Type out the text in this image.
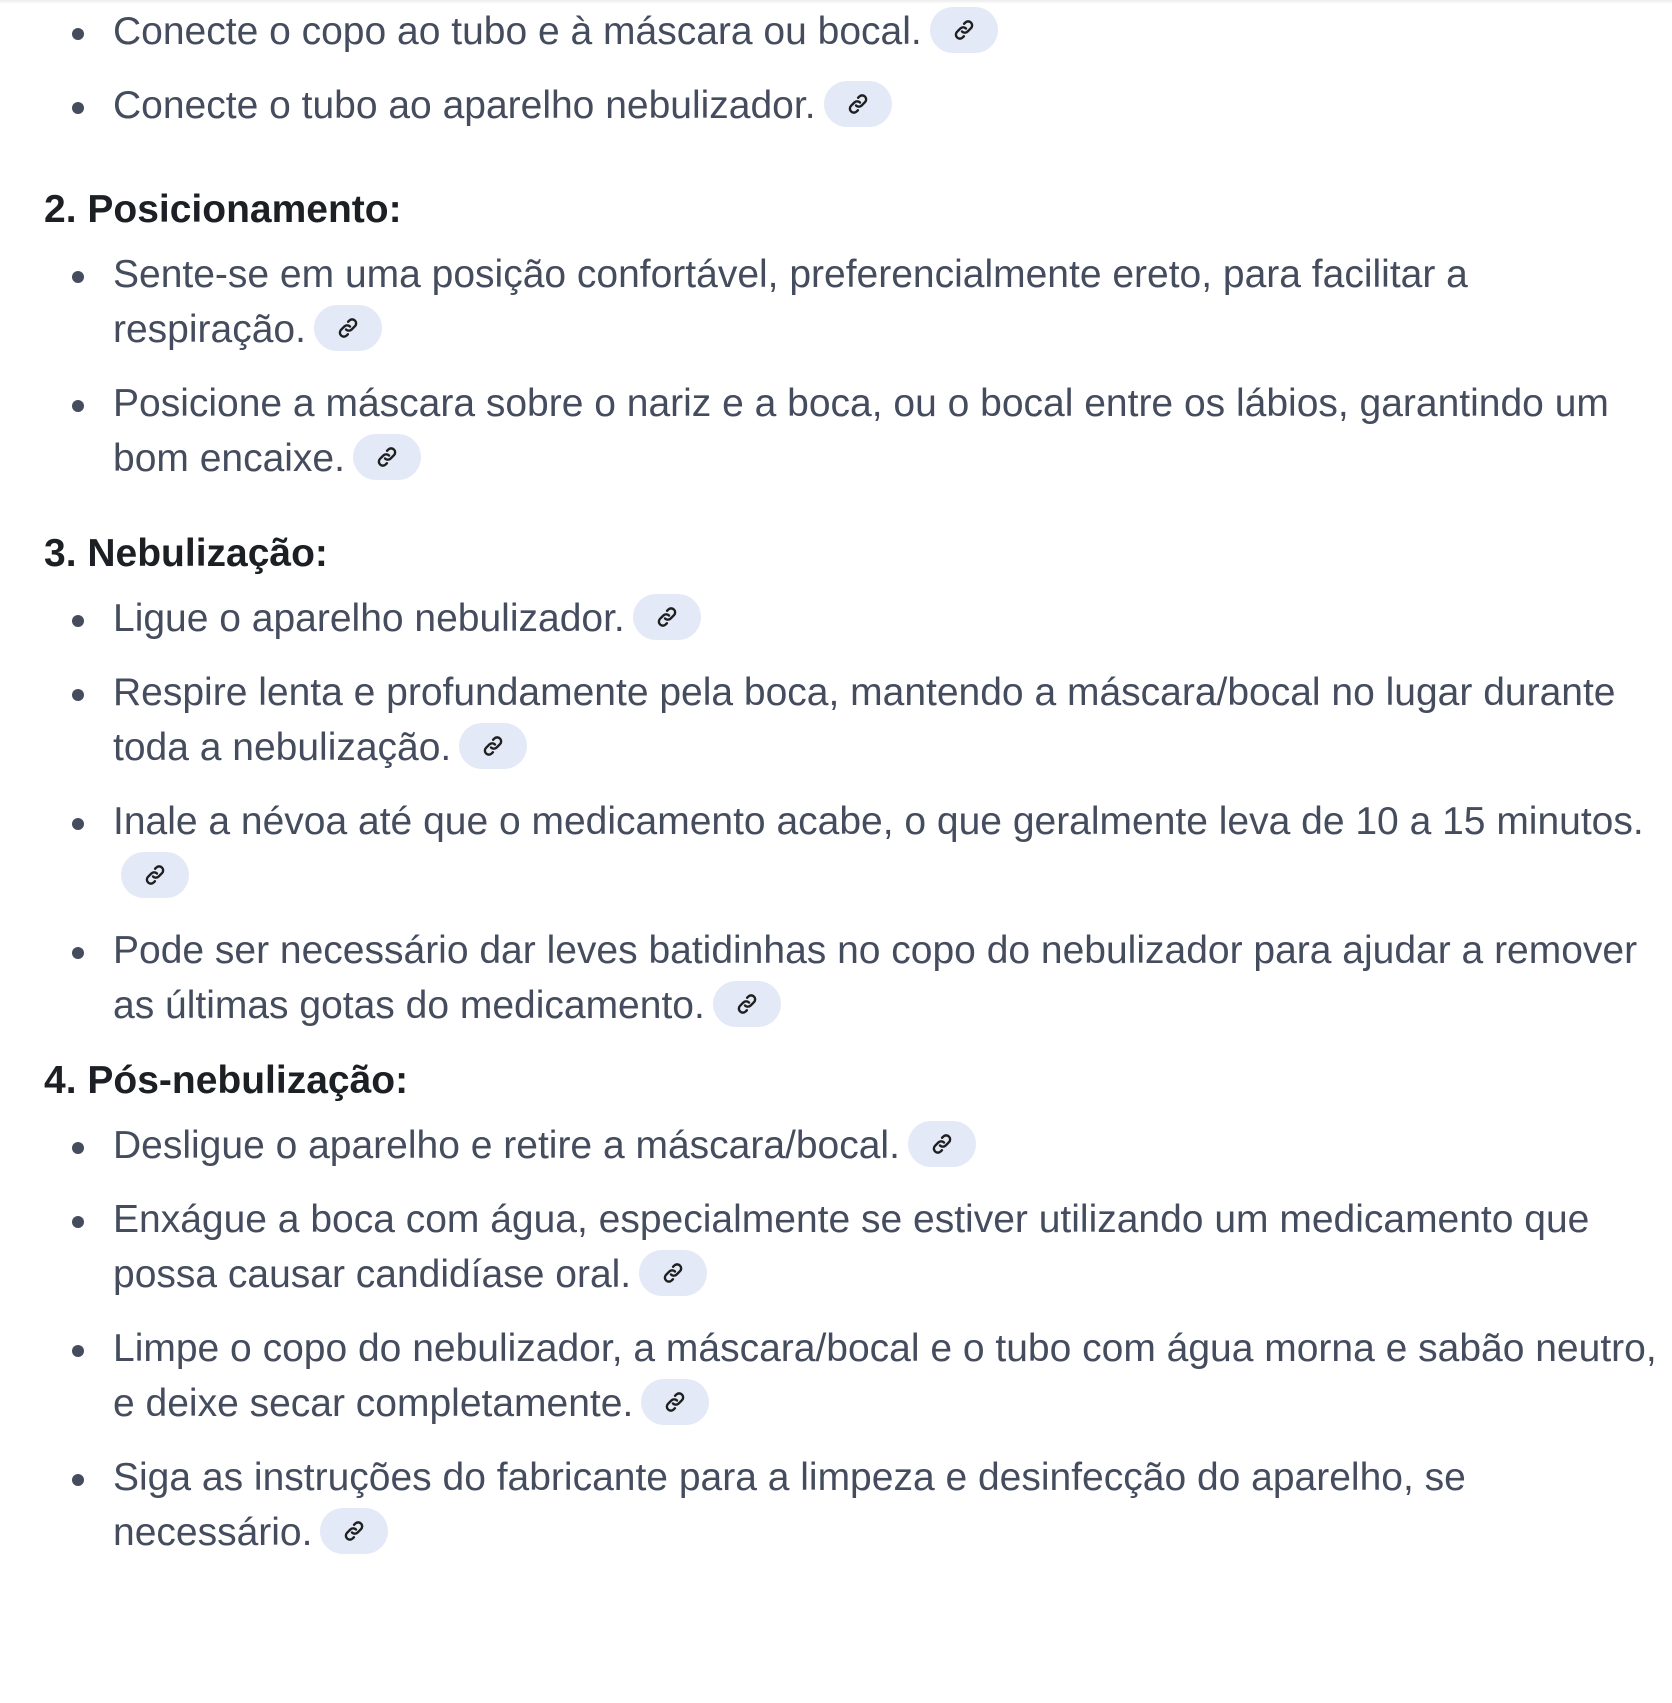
Conecte o copo ao tubo e à máscara ou bocal.
Conecte o tubo ao aparelho nebulizador.
2. Posicionamento:
Sente-se em uma posição confortável, preferencialmente ereto, para facilitar a respiração.
Posicione a máscara sobre o nariz e a boca, ou o bocal entre os lábios, garantindo um bom encaixe.
3. Nebulização:
Ligue o aparelho nebulizador.
Respire lenta e profundamente pela boca, mantendo a máscara/bocal no lugar durante toda a nebulização.
Inale a névoa até que o medicamento acabe, o que geralmente leva de 10 a 15 minutos.
Pode ser necessário dar leves batidinhas no copo do nebulizador para ajudar a remover as últimas gotas do medicamento.
4. Pós-nebulização:
Desligue o aparelho e retire a máscara/bocal.
Enxágue a boca com água, especialmente se estiver utilizando um medicamento que possa causar candidíase oral.
Limpe o copo do nebulizador, a máscara/bocal e o tubo com água morna e sabão neutro, e deixe secar completamente.
Siga as instruções do fabricante para a limpeza e desinfecção do aparelho, se necessário.
